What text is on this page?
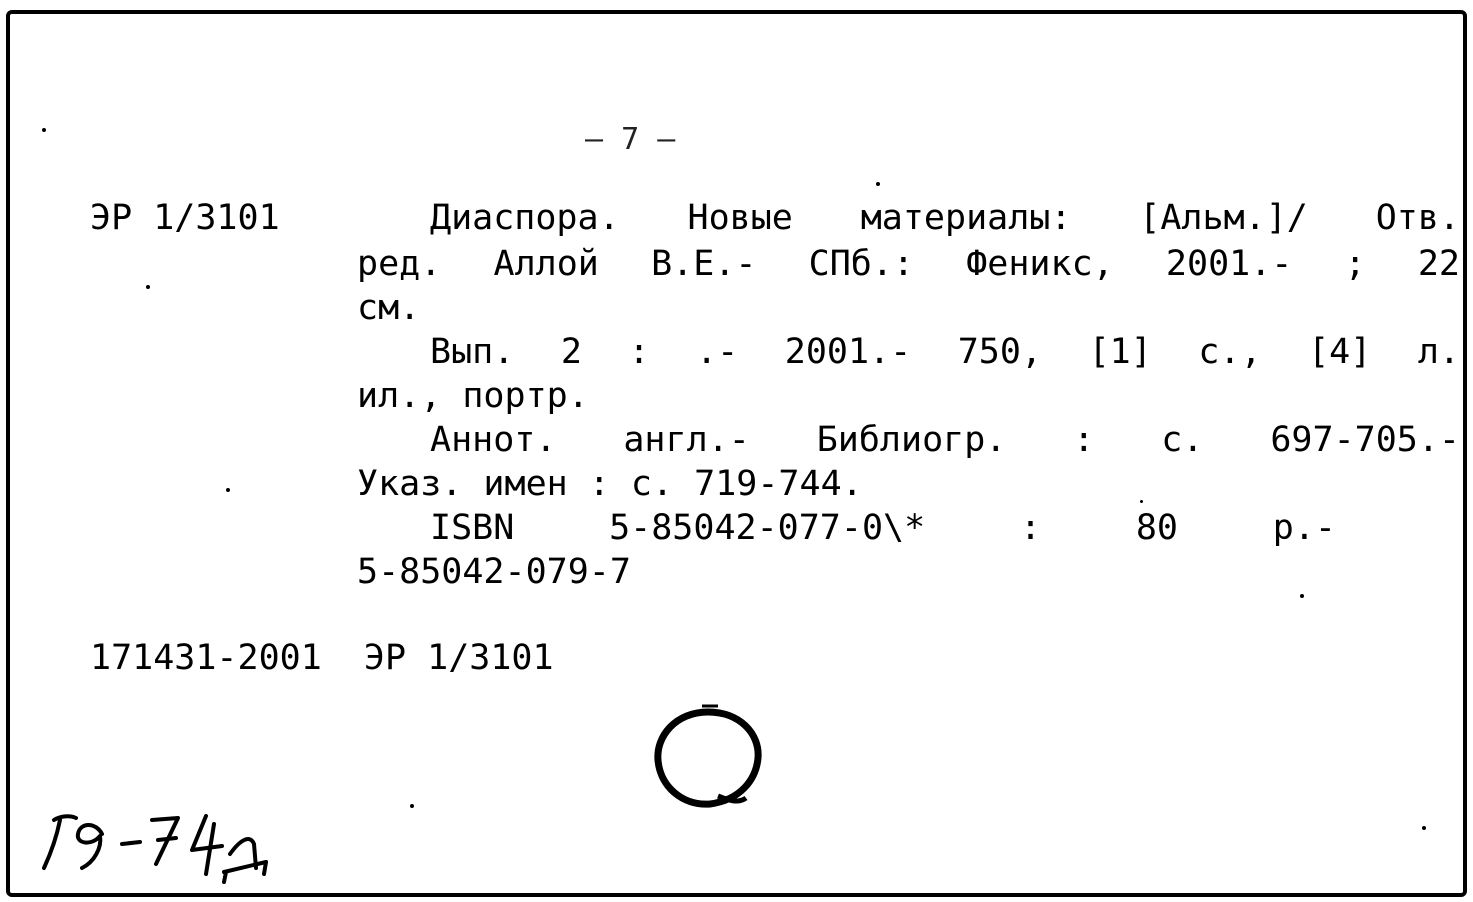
— 7 —
ЭР 1/3101	Диаспора. Новые материалы: [Альм.]/ Отв.
ред. Аллой В.Е.- СПб.: Феникс, 2001.- ; 22
см.
Вып. 2 : .- 2001.- 750, [1] с., [4] л.
ил., портр.
Аннот. англ.- Библиогр. : с. 697-705.-
Указ. имен : с. 719-744.
ISBN 5-85042-077-0\* : 80 р.-
5-85042-079-7
171431-2001  ЭР 1/3101
